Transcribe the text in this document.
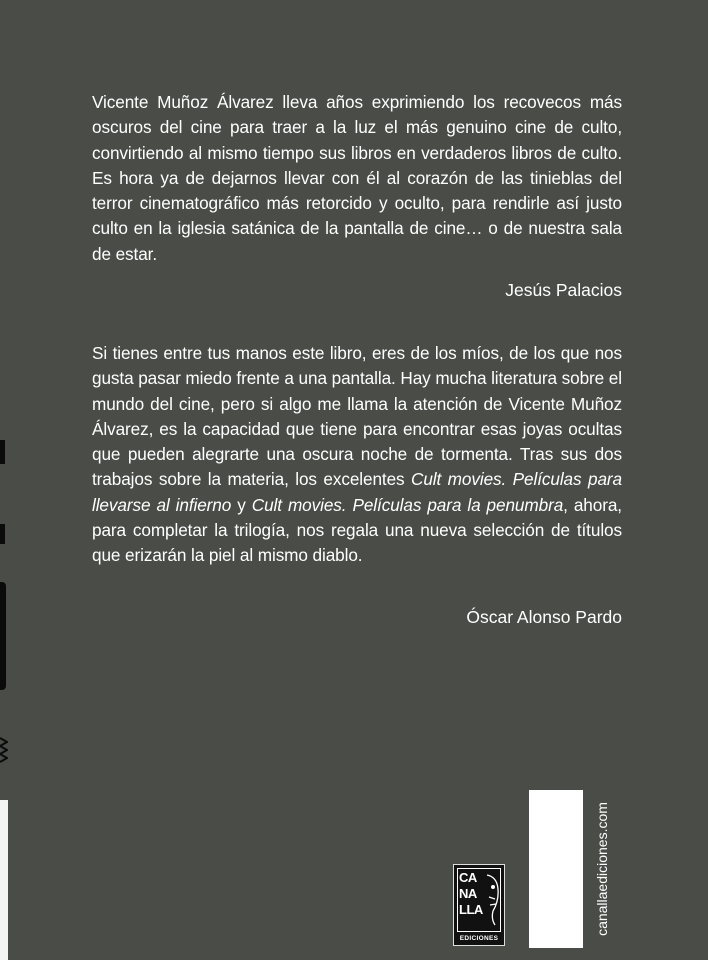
Vicente Muñoz Álvarez lleva años exprimiendo los recovecos más oscuros del cine para traer a la luz el más genuino cine de culto, convirtiendo al mismo tiempo sus libros en verdaderos libros de culto. Es hora ya de dejarnos llevar con él al corazón de las tinieblas del terror cinematográfico más retorcido y oculto, para rendirle así justo culto en la iglesia satánica de la pantalla de cine… o de nuestra sala de estar.

Jesús Palacios

Si tienes entre tus manos este libro, eres de los míos, de los que nos gusta pasar miedo frente a una pantalla. Hay mucha literatura sobre el mundo del cine, pero si algo me llama la atención de Vicente Muñoz Álvarez, es la capacidad que tiene para encontrar esas joyas ocultas que pueden alegrarte una oscura noche de tormenta. Tras sus dos trabajos sobre la materia, los excelentes Cult movies. Películas para llevarse al infierno y Cult movies. Películas para la penumbra, ahora, para completar la trilogía, nos regala una nueva selección de títulos que erizarán la piel al mismo diablo.

Óscar Alonso Pardo

CA
NA
LLA
EDICIONES
canallaediciones.com
